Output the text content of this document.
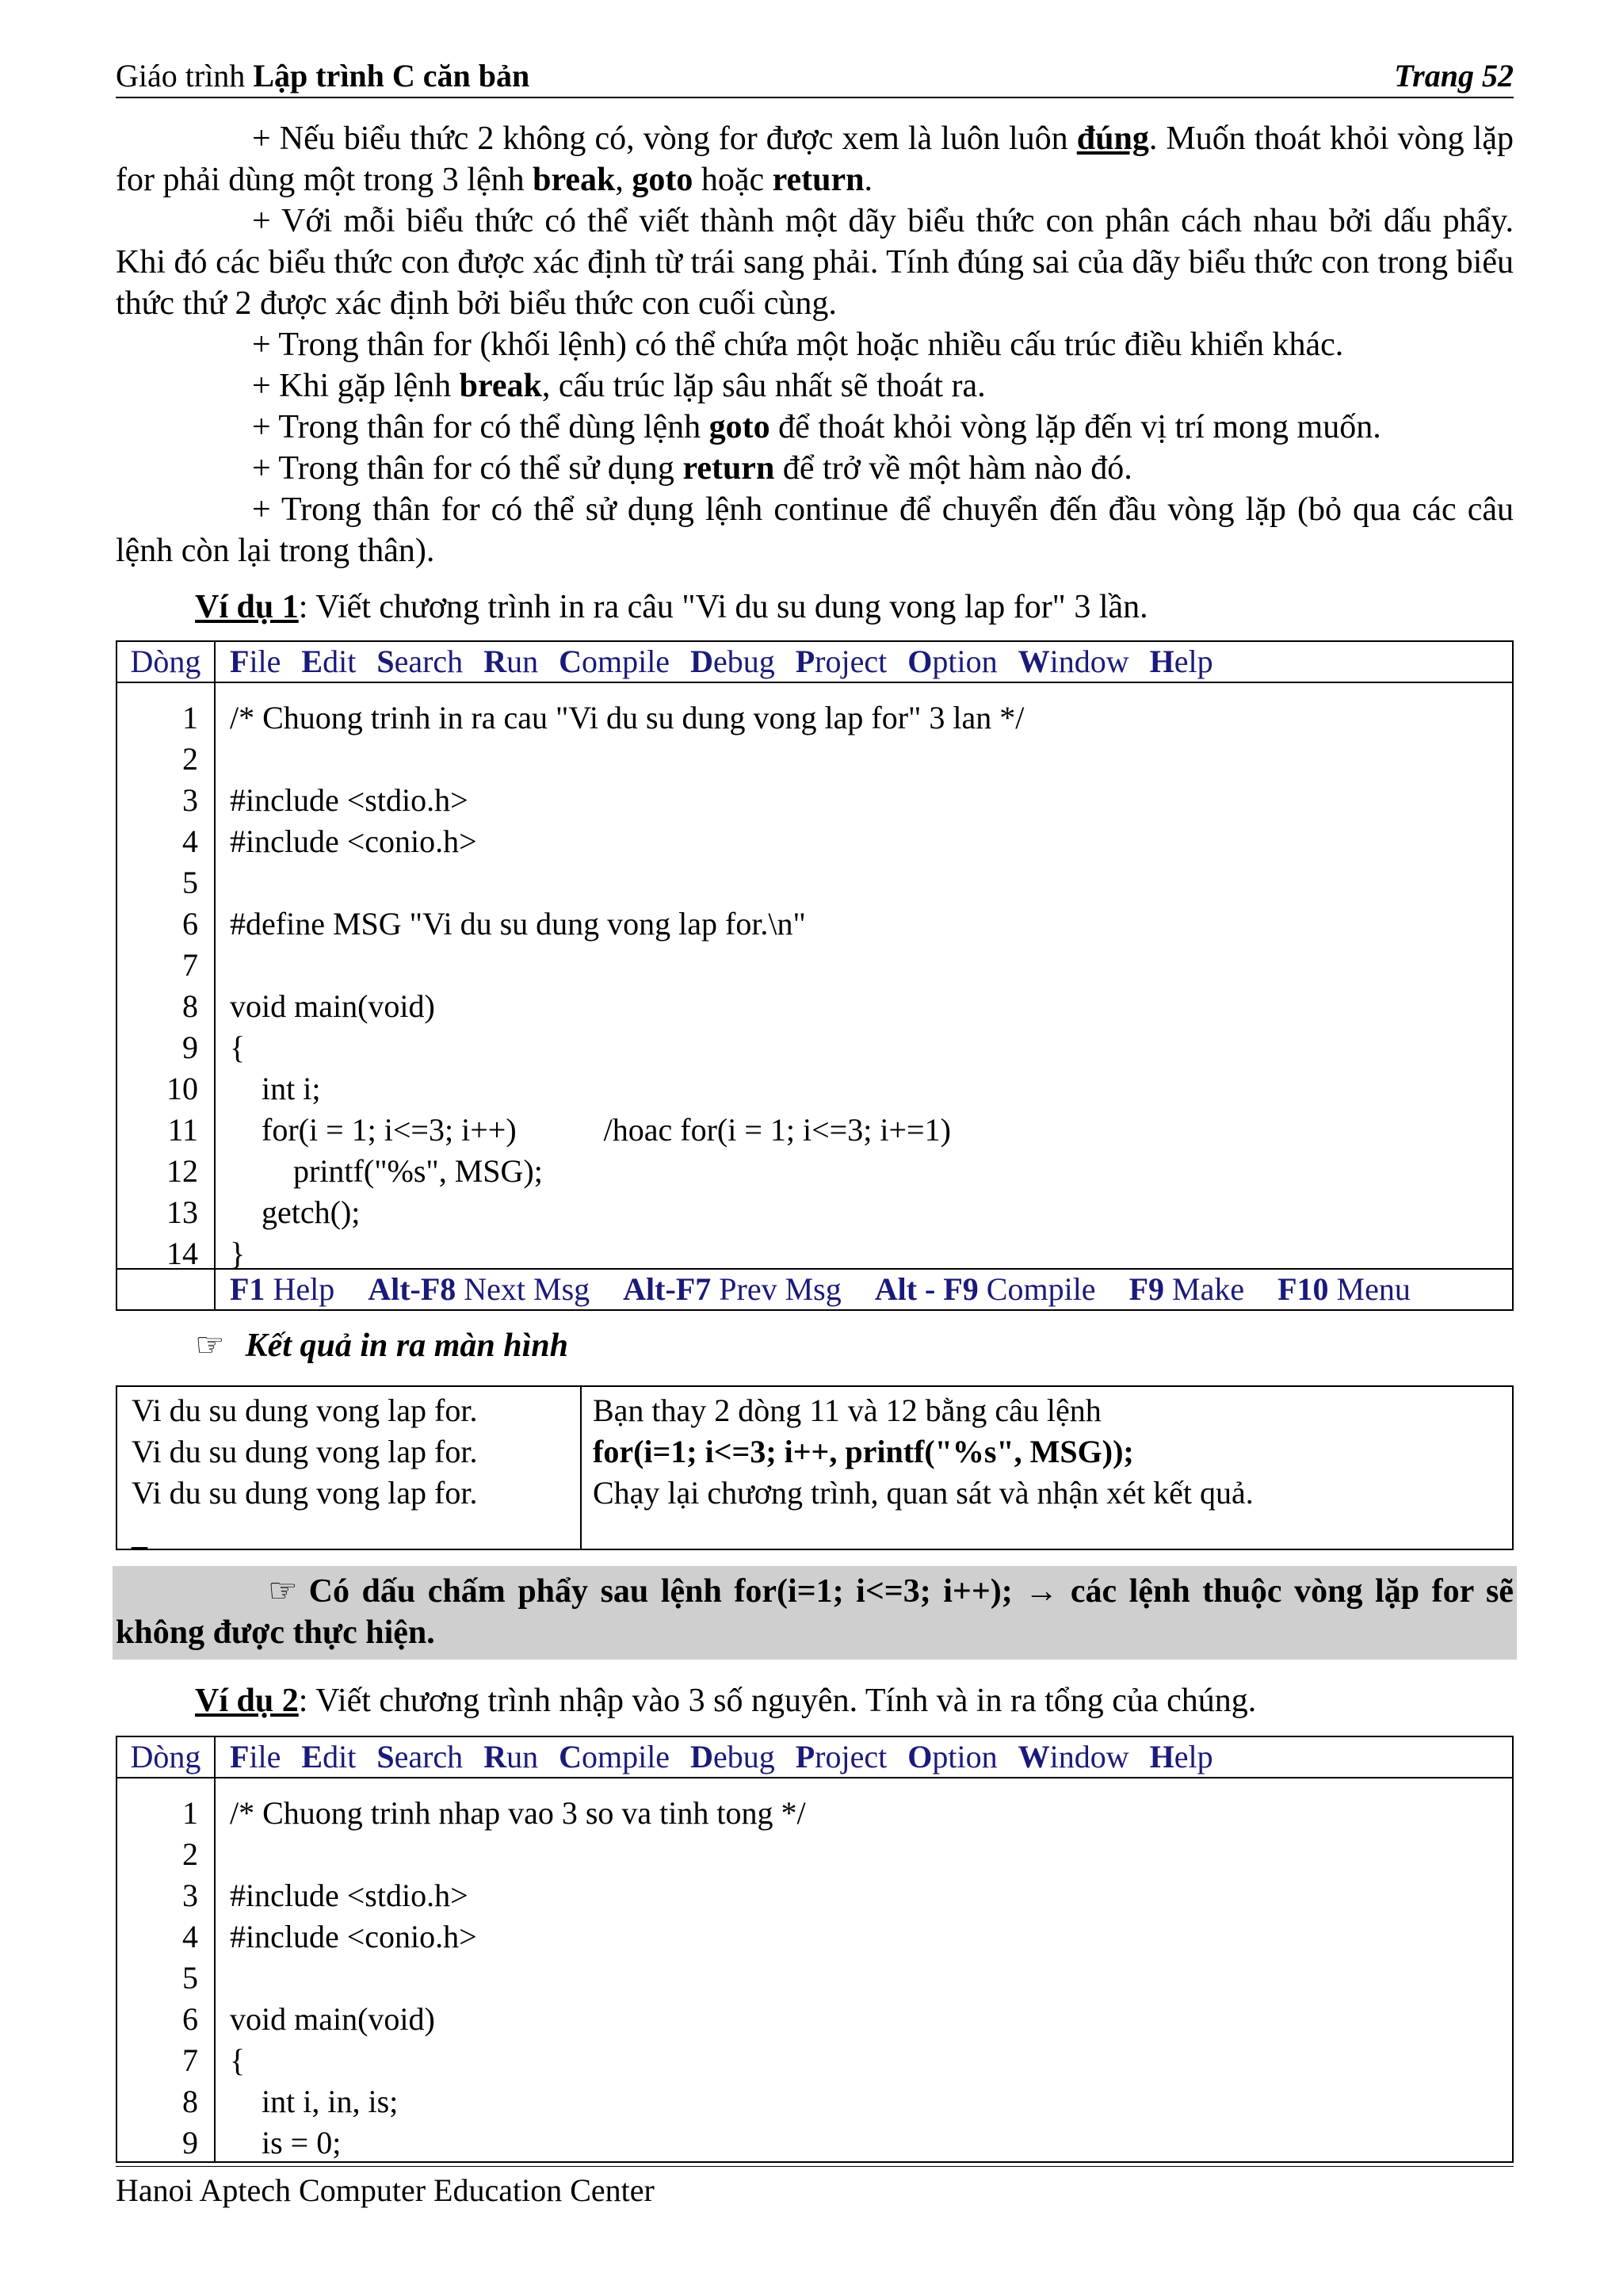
Giáo trình Lập trình C căn bản	Trang 52
+ Nếu biểu thức 2 không có, vòng for được xem là luôn luôn đúng. Muốn thoát khỏi vòng lặp for phải dùng một trong 3 lệnh break, goto hoặc return.
+ Với mỗi biểu thức có thể viết thành một dãy biểu thức con phân cách nhau bởi dấu phẩy. Khi đó các biểu thức con được xác định từ trái sang phải. Tính đúng sai của dãy biểu thức con trong biểu thức thứ 2 được xác định bởi biểu thức con cuối cùng.
+ Trong thân for (khối lệnh) có thể chứa một hoặc nhiều cấu trúc điều khiển khác.
+ Khi gặp lệnh break, cấu trúc lặp sâu nhất sẽ thoát ra.
+ Trong thân for có thể dùng lệnh goto để thoát khỏi vòng lặp đến vị trí mong muốn.
+ Trong thân for có thể sử dụng return để trở về một hàm nào đó.
+ Trong thân for có thể sử dụng lệnh continue để chuyển đến đầu vòng lặp (bỏ qua các câu lệnh còn lại trong thân).
Ví dụ 1: Viết chương trình in ra câu "Vi du su dung vong lap for" 3 lần.
Dòng File Edit Search Run Compile Debug Project Option Window Help
1 /* Chuong trinh in ra cau "Vi du su dung vong lap for" 3 lan */
2
3 #include <stdio.h>
4 #include <conio.h>
5
6 #define MSG "Vi du su dung vong lap for.\n"
7
8 void main(void)
9 {
10 int i;
11 for(i = 1; i<=3; i++)           /hoac for(i = 1; i<=3; i+=1)
12 printf("%s", MSG);
13 getch();
14 }
F1 Help Alt-F8 Next Msg Alt-F7 Prev Msg Alt - F9 Compile F9 Make F10 Menu
☞ Kết quả in ra màn hình
Vi du su dung vong lap for.
Vi du su dung vong lap for.
Vi du su dung vong lap for.
_
Bạn thay 2 dòng 11 và 12 bằng câu lệnh
for(i=1; i<=3; i++, printf("%s", MSG));
Chạy lại chương trình, quan sát và nhận xét kết quả.
☞ Có dấu chấm phẩy sau lệnh for(i=1; i<=3; i++); → các lệnh thuộc vòng lặp for sẽ không được thực hiện.
Ví dụ 2: Viết chương trình nhập vào 3 số nguyên. Tính và in ra tổng của chúng.
Dòng File Edit Search Run Compile Debug Project Option Window Help
1 /* Chuong trinh nhap vao 3 so va tinh tong */
2
3 #include <stdio.h>
4 #include <conio.h>
5
6 void main(void)
7 {
8 int i, in, is;
9 is = 0;
Hanoi Aptech Computer Education Center
